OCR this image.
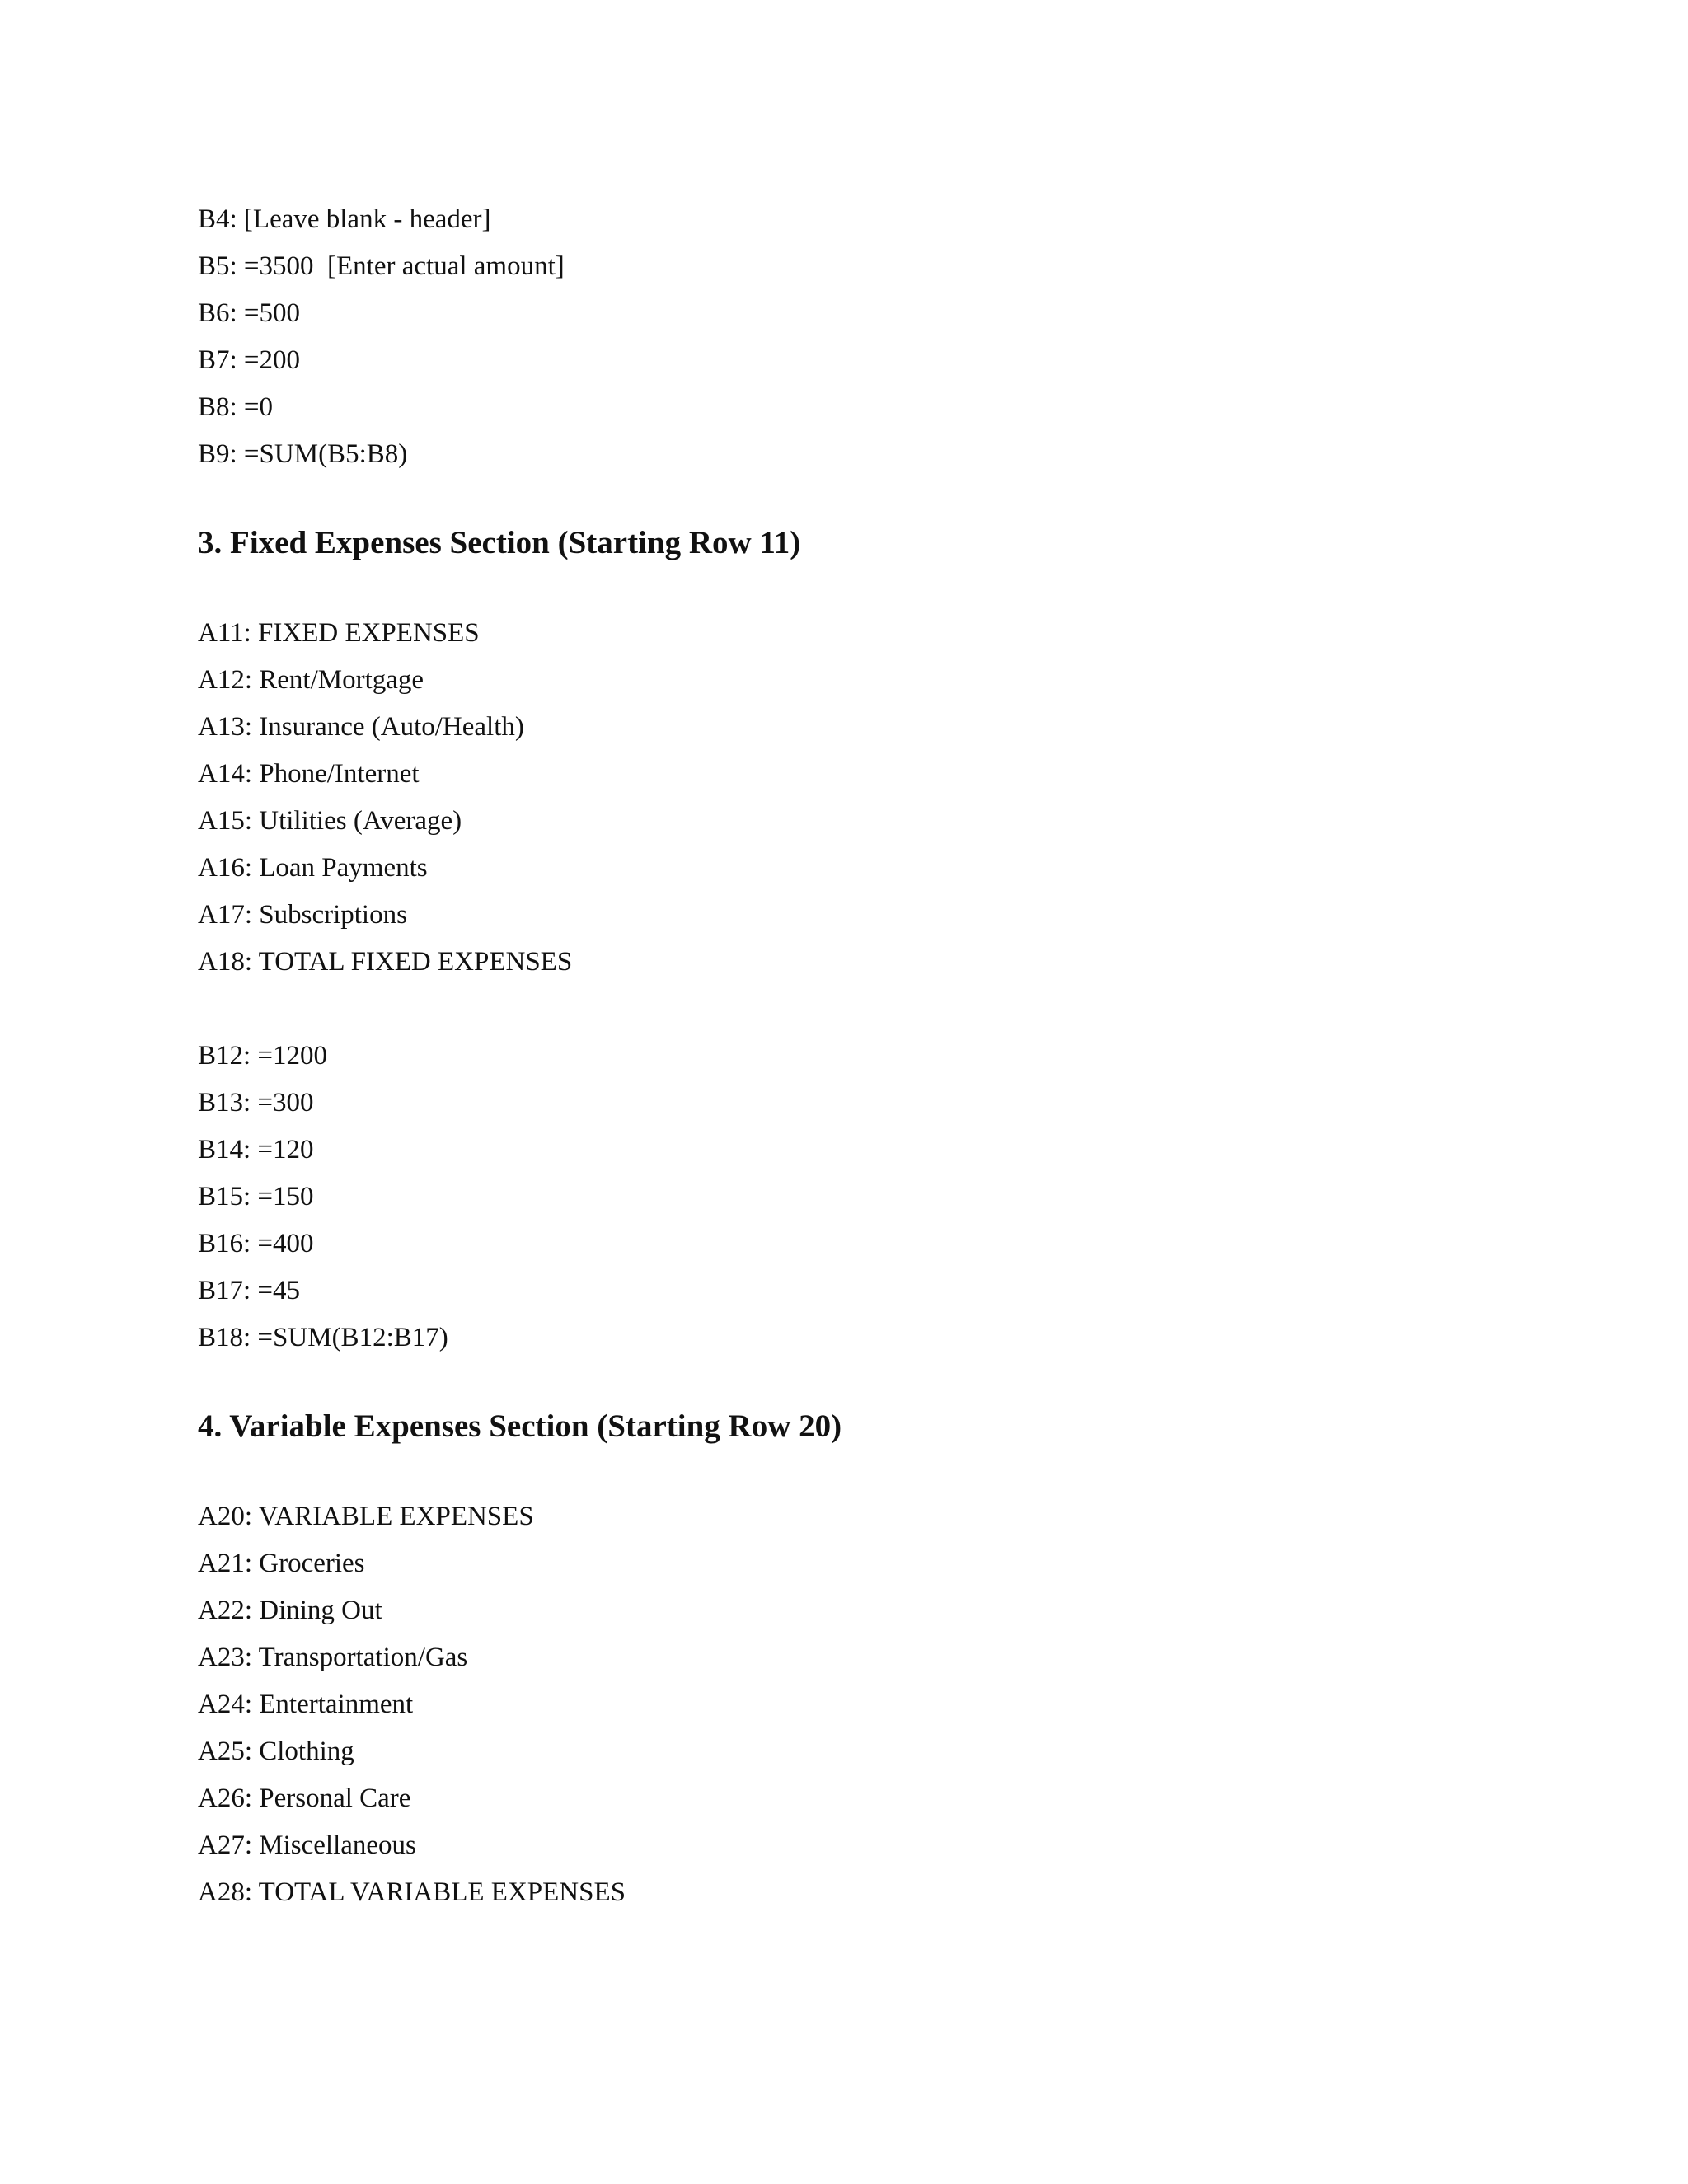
B4: [Leave blank - header]
B5: =3500  [Enter actual amount]
B6: =500
B7: =200
B8: =0
B9: =SUM(B5:B8)
3. Fixed Expenses Section (Starting Row 11)
A11: FIXED EXPENSES
A12: Rent/Mortgage
A13: Insurance (Auto/Health)
A14: Phone/Internet
A15: Utilities (Average)
A16: Loan Payments
A17: Subscriptions
A18: TOTAL FIXED EXPENSES
B12: =1200
B13: =300
B14: =120
B15: =150
B16: =400
B17: =45
B18: =SUM(B12:B17)
4. Variable Expenses Section (Starting Row 20)
A20: VARIABLE EXPENSES
A21: Groceries
A22: Dining Out
A23: Transportation/Gas
A24: Entertainment
A25: Clothing
A26: Personal Care
A27: Miscellaneous
A28: TOTAL VARIABLE EXPENSES
